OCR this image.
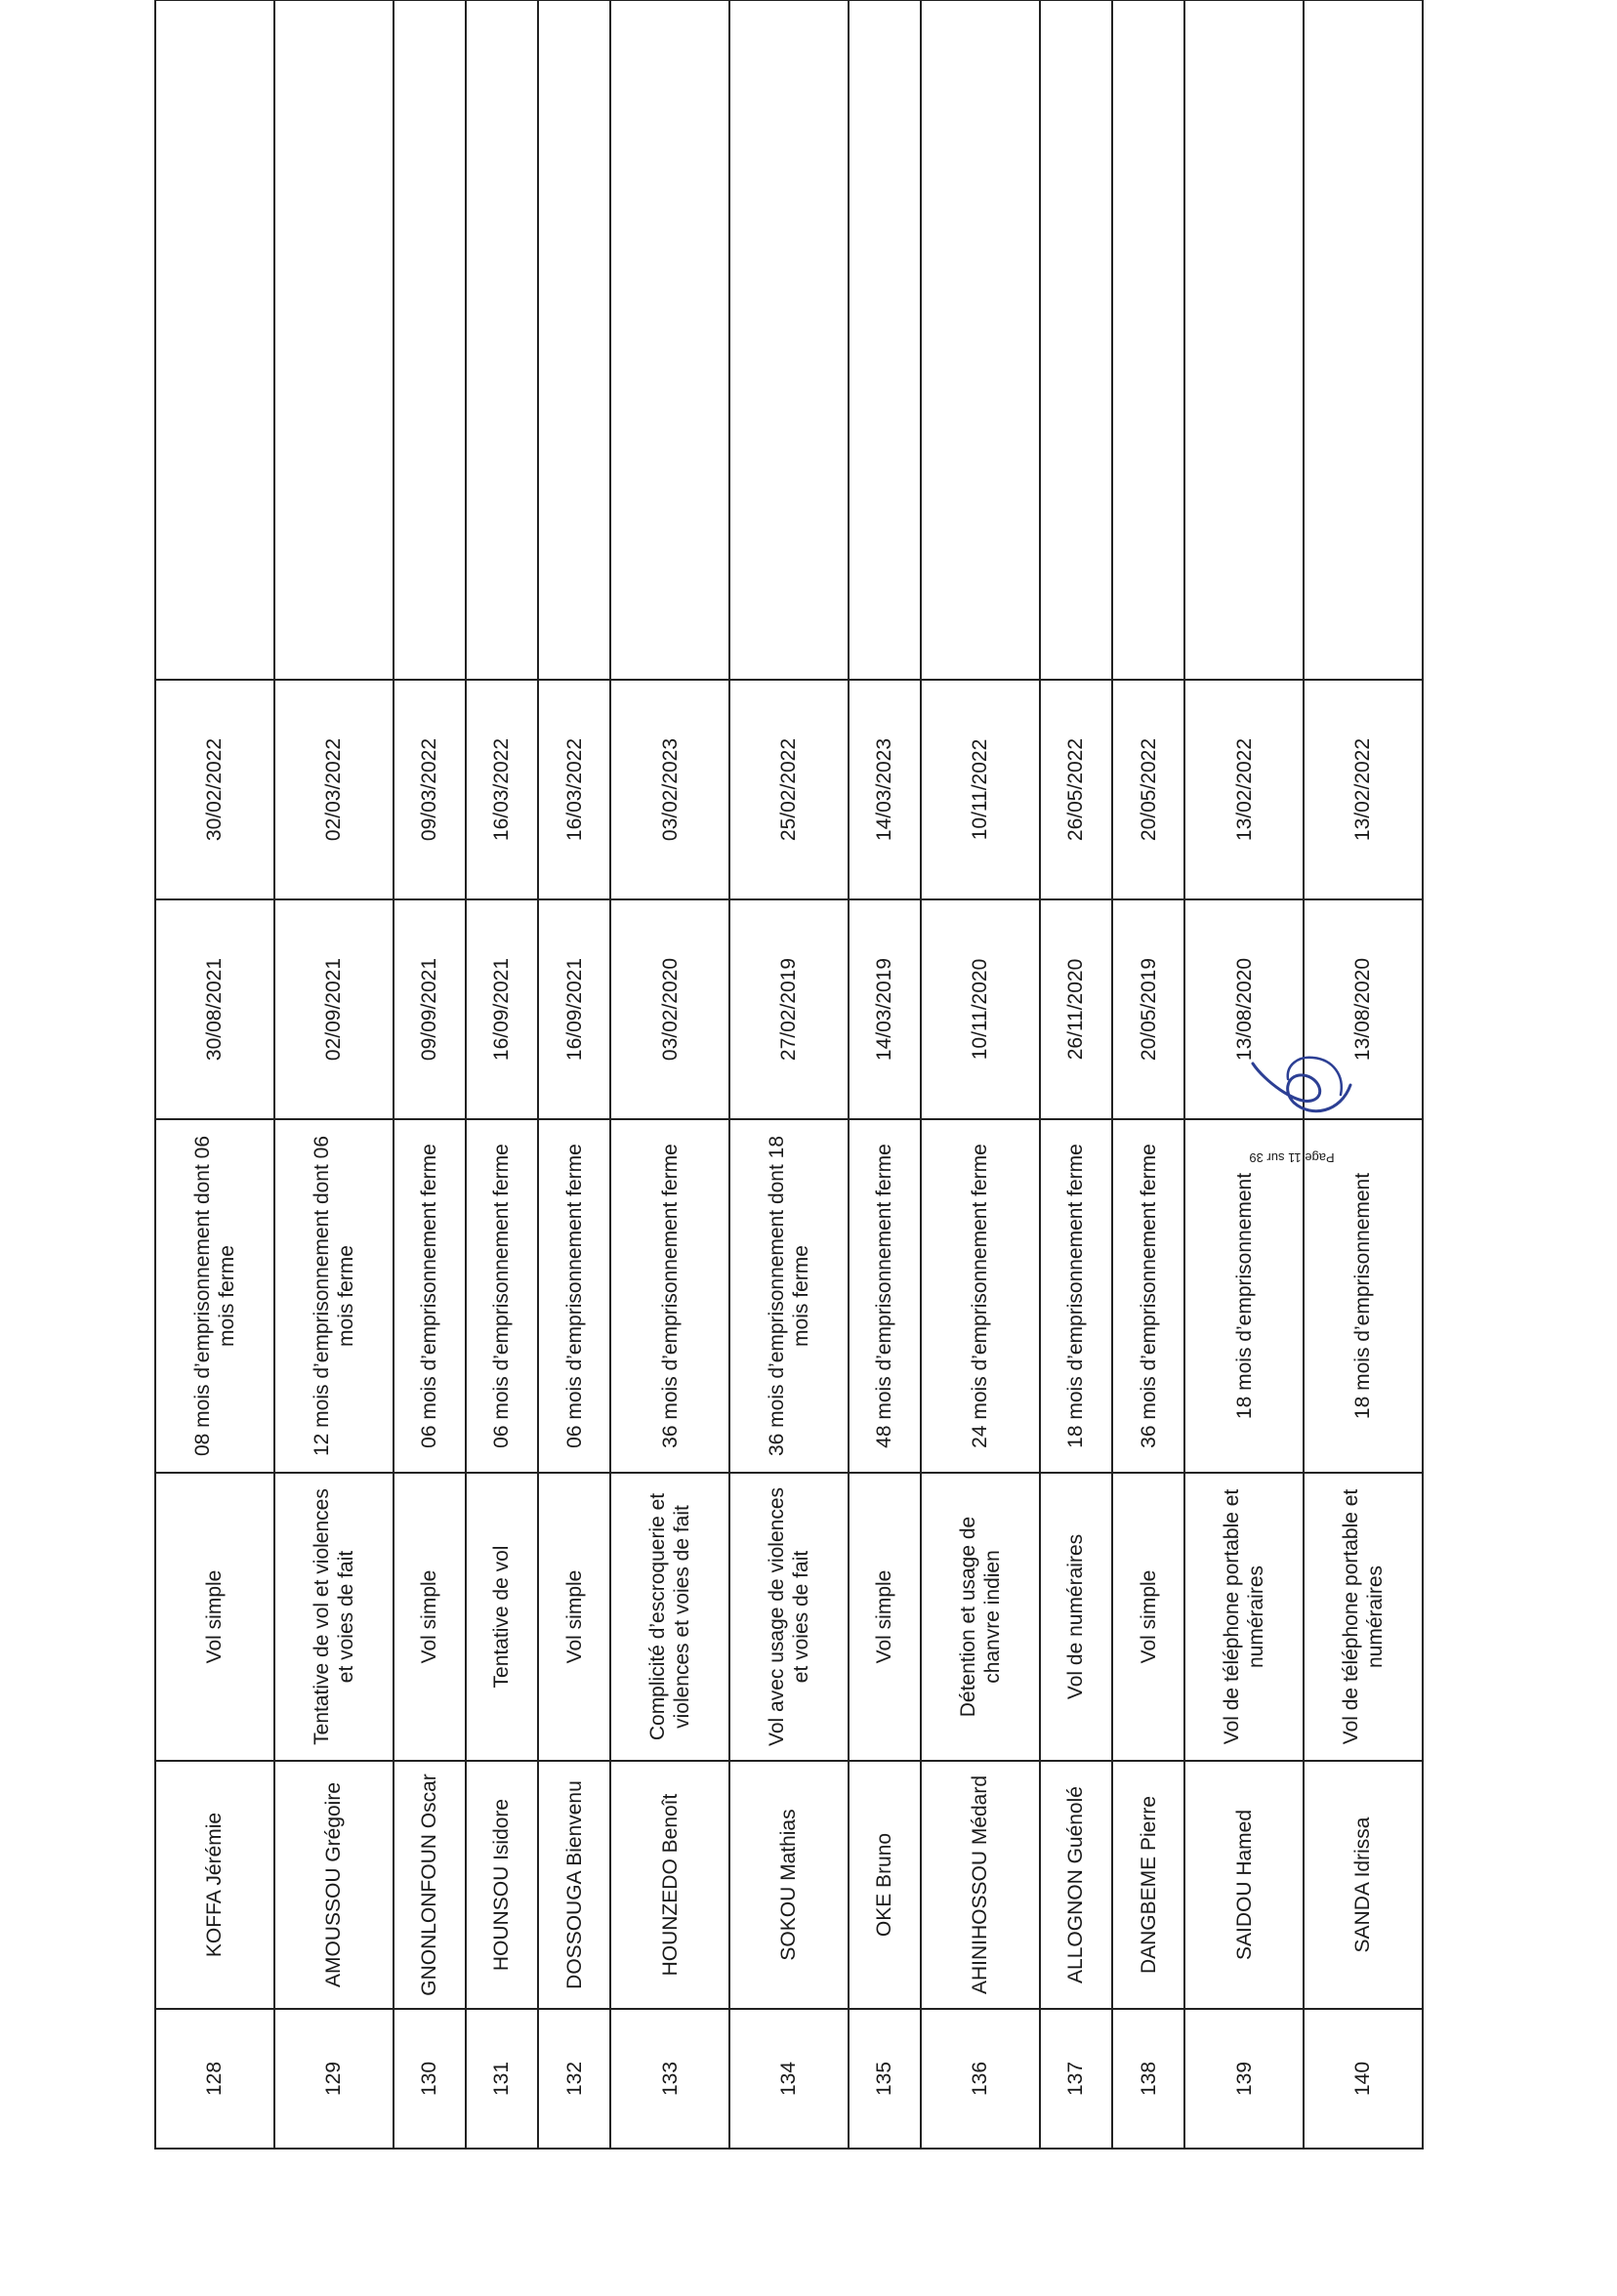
128	KOFFA Jérémie	Vol simple	08 mois d’emprisonnement dont 06 mois ferme	30/08/2021	30/02/2022	
129	AMOUSSOU Grégoire	Tentative de vol et violences et voies de fait	12 mois d’emprisonnement dont 06 mois ferme	02/09/2021	02/03/2022	
130	GNONLONFOUN Oscar	Vol simple	06 mois d’emprisonnement ferme	09/09/2021	09/03/2022	
131	HOUNSOU Isidore	Tentative de vol	06 mois d’emprisonnement ferme	16/09/2021	16/03/2022	
132	DOSSOUGA Bienvenu	Vol simple	06 mois d’emprisonnement ferme	16/09/2021	16/03/2022	
133	HOUNZEDO Benoît	Complicité d’escroquerie et violences et voies de fait	36 mois d’emprisonnement ferme	03/02/2020	03/02/2023	
134	SOKOU Mathias	Vol avec usage de violences et voies de fait	36 mois d’emprisonnement dont 18 mois ferme	27/02/2019	25/02/2022	
135	OKE Bruno	Vol simple	48 mois d’emprisonnement ferme	14/03/2019	14/03/2023	
136	AHINIHOSSOU Médard	Détention et usage de chanvre indien	24 mois d’emprisonnement ferme	10/11/2020	10/11/2022	
137	ALLOGNON Guénolé	Vol de numéraires	18 mois d’emprisonnement ferme	26/11/2020	26/05/2022	
138	DANGBEME Pierre	Vol simple	36 mois d’emprisonnement ferme	20/05/2019	20/05/2022	
139	SAIDOU Hamed	Vol de téléphone portable et numéraires	18 mois d’emprisonnement	13/08/2020	13/02/2022	
140	SANDA Idrissa	Vol de téléphone portable et numéraires	18 mois d’emprisonnement	13/08/2020	13/02/2022	
Page 11 sur 39
